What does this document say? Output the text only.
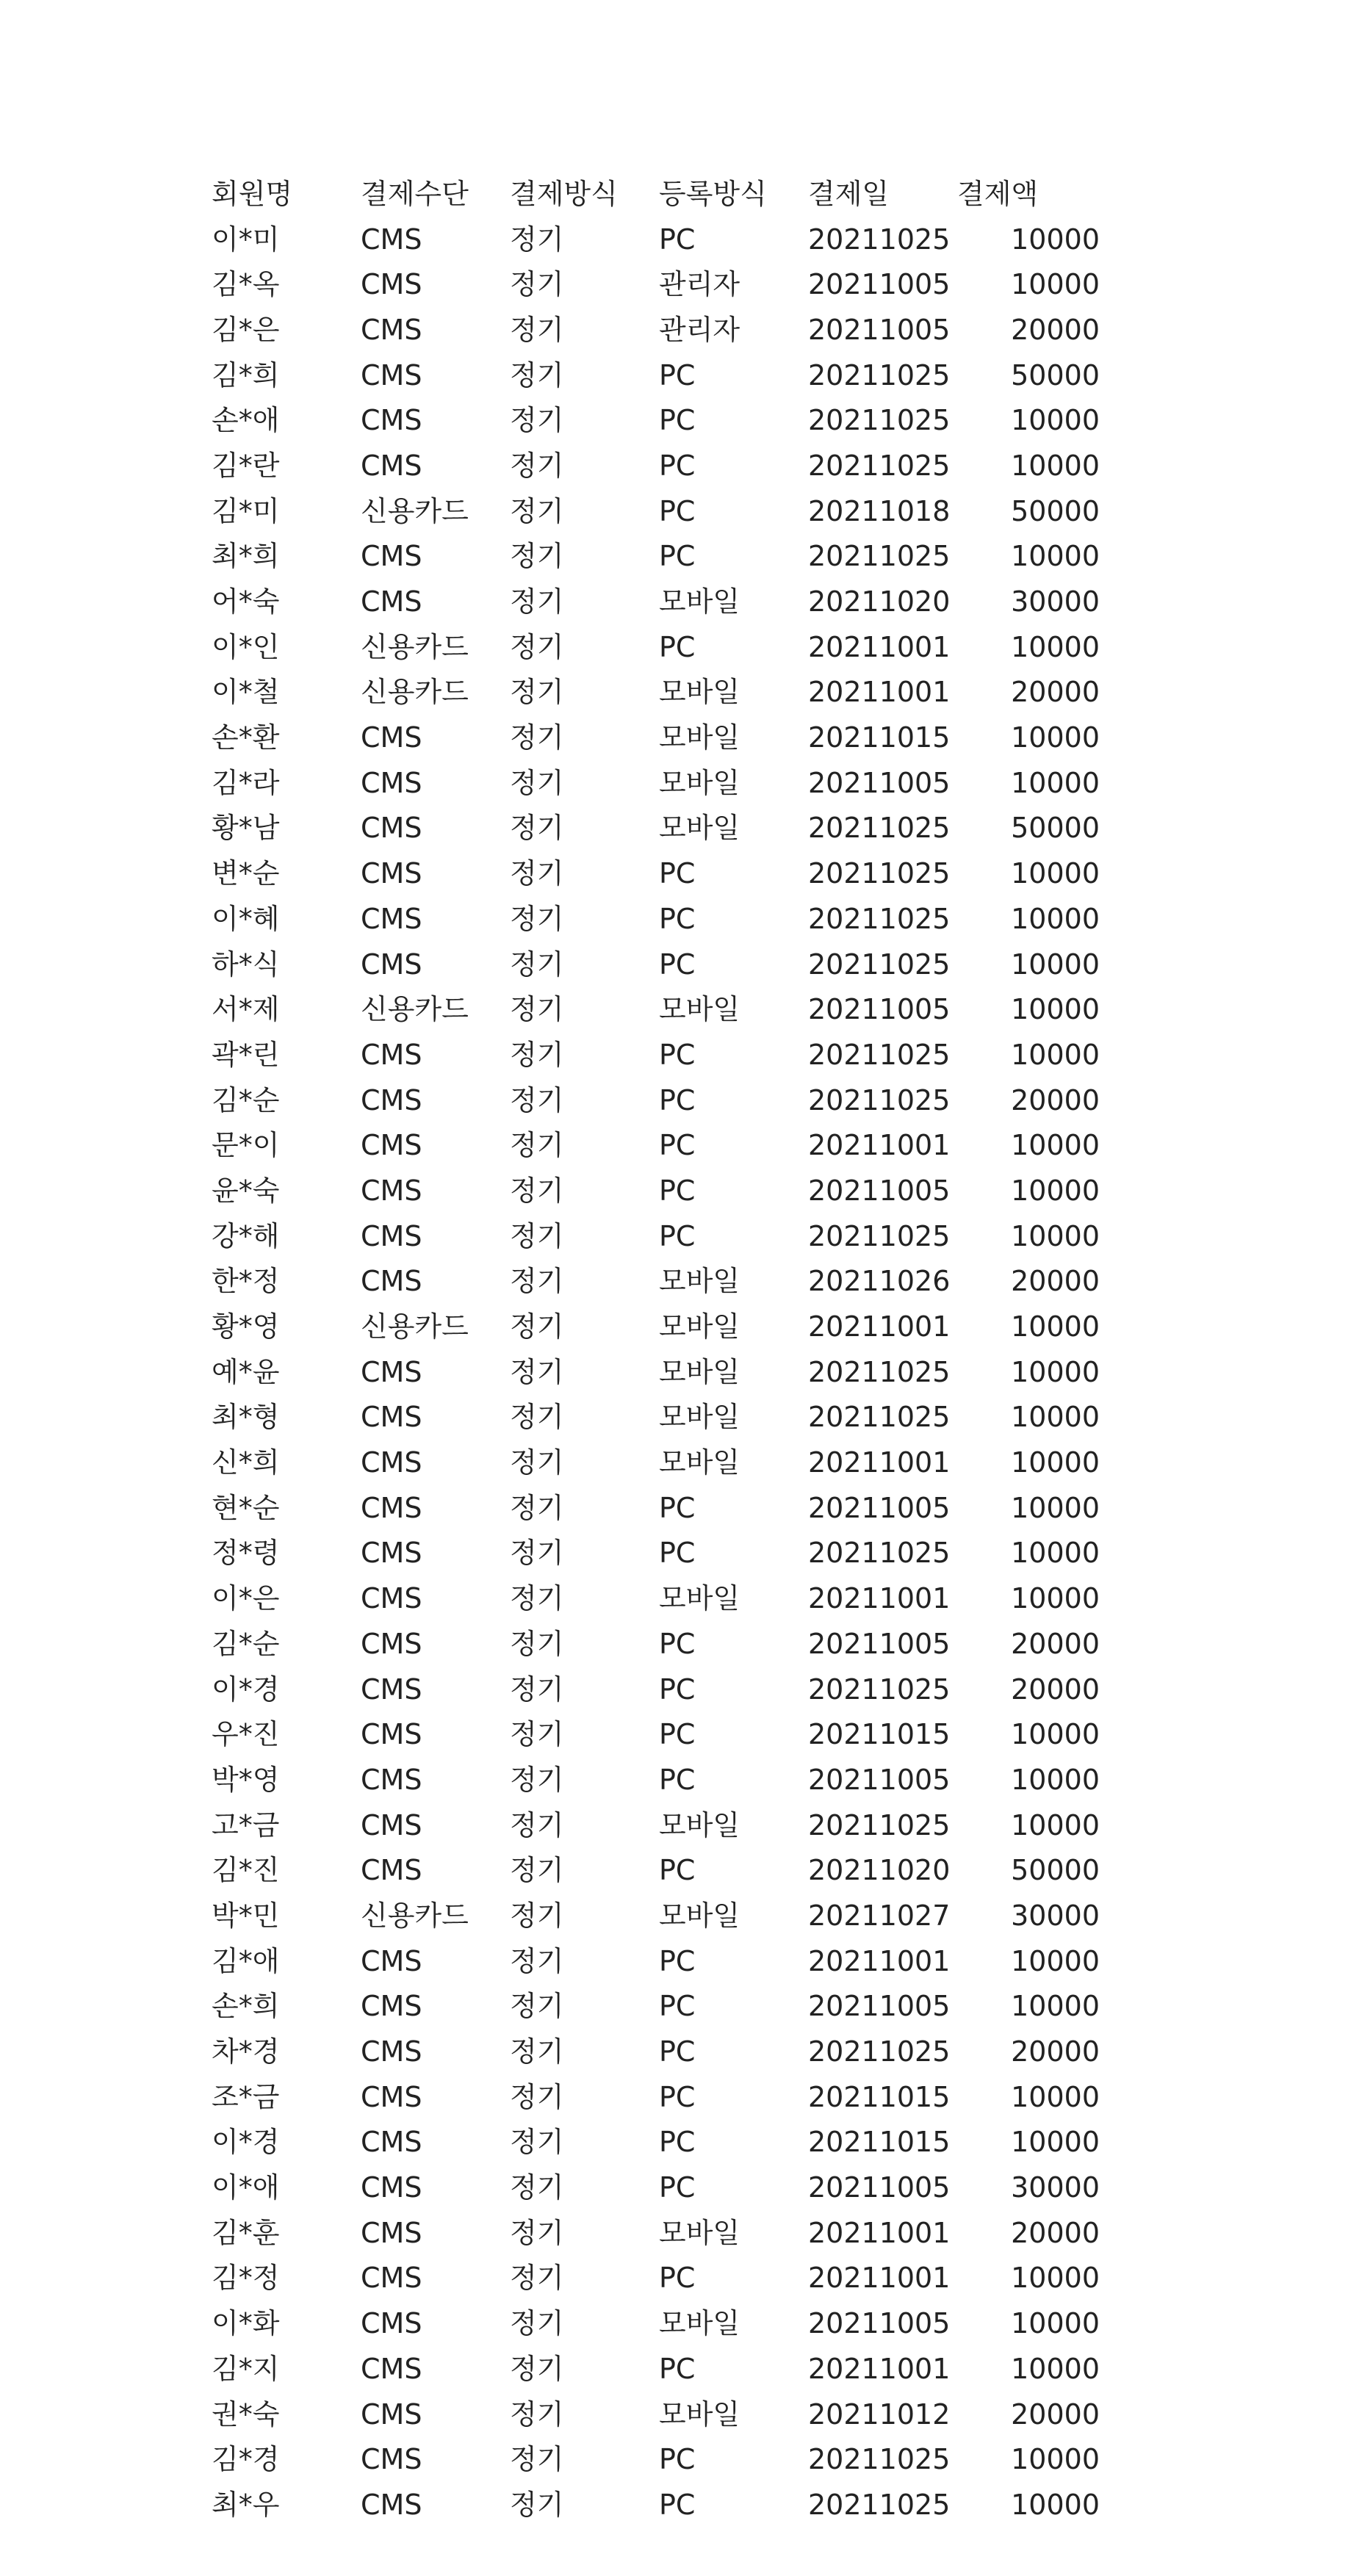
회원명	결제수단	결제방식	등록방식	결제일	결제액
이*미	CMS	정기	PC	20211025	10000
김*옥	CMS	정기	관리자	20211005	10000
김*은	CMS	정기	관리자	20211005	20000
김*희	CMS	정기	PC	20211025	50000
손*애	CMS	정기	PC	20211025	10000
김*란	CMS	정기	PC	20211025	10000
김*미	신용카드	정기	PC	20211018	50000
최*희	CMS	정기	PC	20211025	10000
어*숙	CMS	정기	모바일	20211020	30000
이*인	신용카드	정기	PC	20211001	10000
이*철	신용카드	정기	모바일	20211001	20000
손*환	CMS	정기	모바일	20211015	10000
김*라	CMS	정기	모바일	20211005	10000
황*남	CMS	정기	모바일	20211025	50000
변*순	CMS	정기	PC	20211025	10000
이*혜	CMS	정기	PC	20211025	10000
하*식	CMS	정기	PC	20211025	10000
서*제	신용카드	정기	모바일	20211005	10000
곽*린	CMS	정기	PC	20211025	10000
김*순	CMS	정기	PC	20211025	20000
문*이	CMS	정기	PC	20211001	10000
윤*숙	CMS	정기	PC	20211005	10000
강*해	CMS	정기	PC	20211025	10000
한*정	CMS	정기	모바일	20211026	20000
황*영	신용카드	정기	모바일	20211001	10000
예*윤	CMS	정기	모바일	20211025	10000
최*형	CMS	정기	모바일	20211025	10000
신*희	CMS	정기	모바일	20211001	10000
현*순	CMS	정기	PC	20211005	10000
정*령	CMS	정기	PC	20211025	10000
이*은	CMS	정기	모바일	20211001	10000
김*순	CMS	정기	PC	20211005	20000
이*경	CMS	정기	PC	20211025	20000
우*진	CMS	정기	PC	20211015	10000
박*영	CMS	정기	PC	20211005	10000
고*금	CMS	정기	모바일	20211025	10000
김*진	CMS	정기	PC	20211020	50000
박*민	신용카드	정기	모바일	20211027	30000
김*애	CMS	정기	PC	20211001	10000
손*희	CMS	정기	PC	20211005	10000
차*경	CMS	정기	PC	20211025	20000
조*금	CMS	정기	PC	20211015	10000
이*경	CMS	정기	PC	20211015	10000
이*애	CMS	정기	PC	20211005	30000
김*훈	CMS	정기	모바일	20211001	20000
김*정	CMS	정기	PC	20211001	10000
이*화	CMS	정기	모바일	20211005	10000
김*지	CMS	정기	PC	20211001	10000
권*숙	CMS	정기	모바일	20211012	20000
김*경	CMS	정기	PC	20211025	10000
최*우	CMS	정기	PC	20211025	10000
